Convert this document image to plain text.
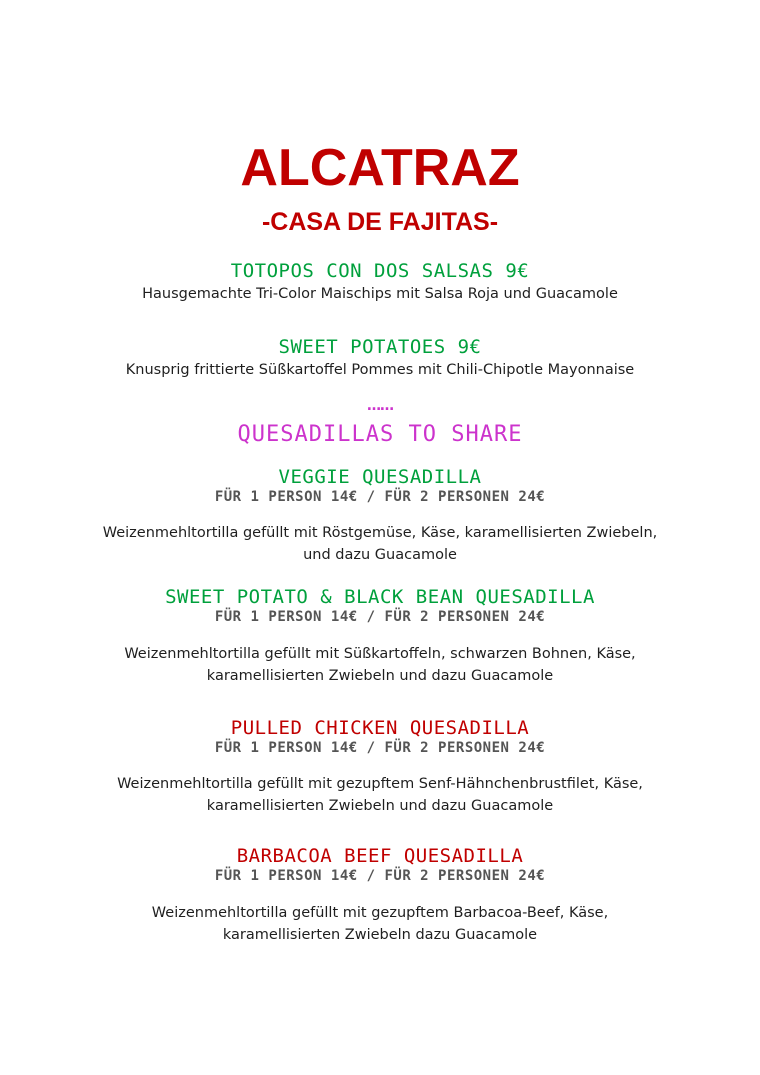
ALCATRAZ
-CASA DE FAJITAS-
TOTOPOS CON DOS SALSAS 9€
Hausgemachte Tri-Color Maischips mit Salsa Roja und Guacamole
SWEET POTATOES 9€
Knusprig frittierte Süßkartoffel Pommes mit Chili-Chipotle Mayonnaise
……
QUESADILLAS TO SHARE
VEGGIE QUESADILLA
FÜR 1 PERSON 14€ / FÜR 2 PERSONEN 24€
Weizenmehltortilla gefüllt mit Röstgemüse, Käse, karamellisierten Zwiebeln,
und dazu Guacamole
SWEET POTATO & BLACK BEAN QUESADILLA
FÜR 1 PERSON 14€ / FÜR 2 PERSONEN 24€
Weizenmehltortilla gefüllt mit Süßkartoffeln, schwarzen Bohnen, Käse,
karamellisierten Zwiebeln und dazu Guacamole
PULLED CHICKEN QUESADILLA
FÜR 1 PERSON 14€ / FÜR 2 PERSONEN 24€
Weizenmehltortilla gefüllt mit gezupftem Senf-Hähnchenbrustfilet, Käse,
karamellisierten Zwiebeln und dazu Guacamole
BARBACOA BEEF QUESADILLA
FÜR 1 PERSON 14€ / FÜR 2 PERSONEN 24€
Weizenmehltortilla gefüllt mit gezupftem Barbacoa-Beef, Käse,
karamellisierten Zwiebeln dazu Guacamole
